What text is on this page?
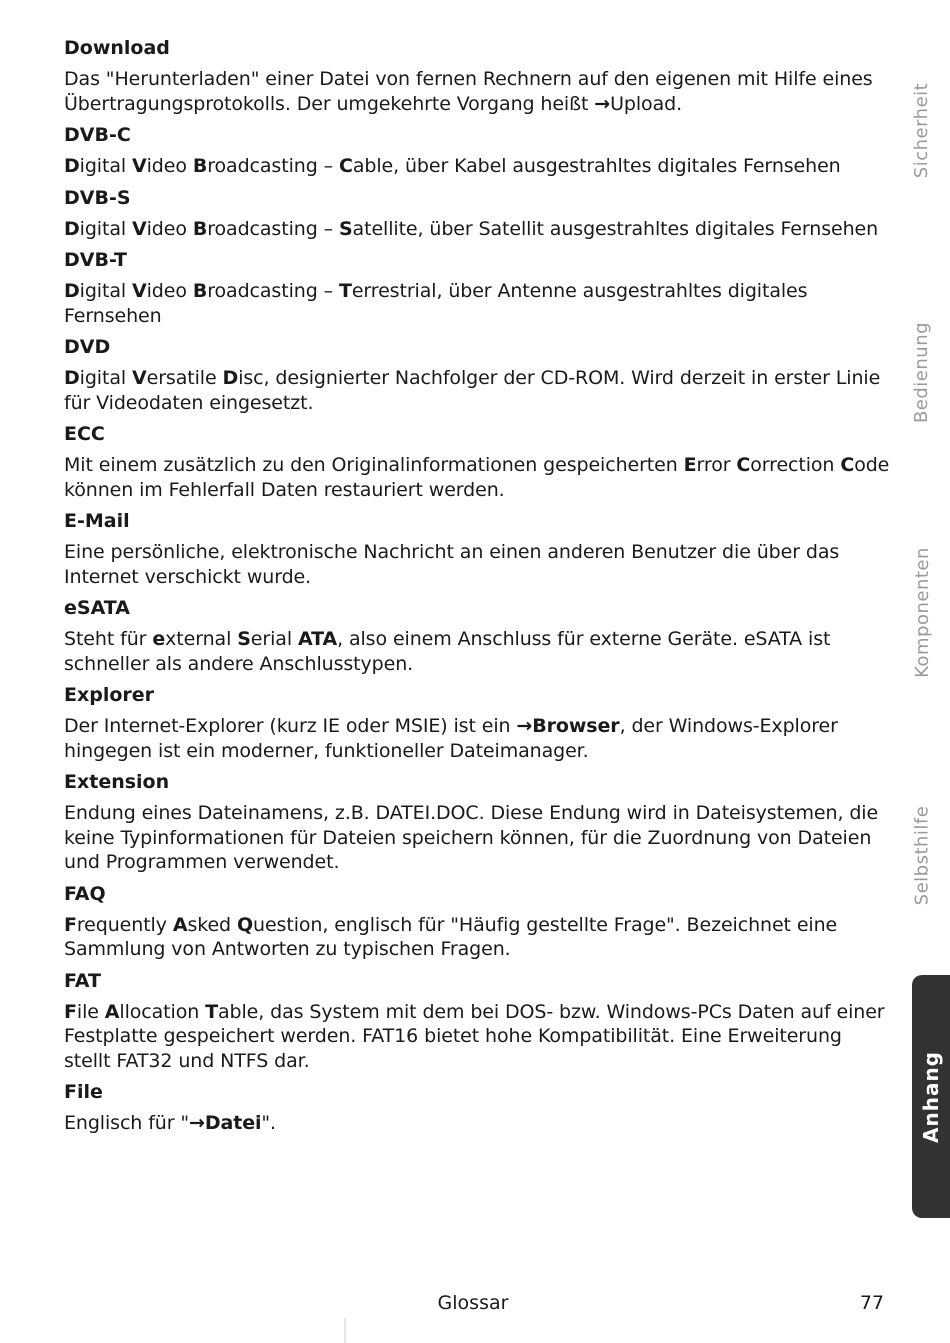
Download
Das "Herunterladen" einer Datei von fernen Rechnern auf den eigenen mit Hilfe eines Übertragungsprotokolls. Der umgekehrte Vorgang heißt →Upload.
DVB-C
Digital Video Broadcasting – Cable, über Kabel ausgestrahltes digitales Fernsehen
DVB-S
Digital Video Broadcasting – Satellite, über Satellit ausgestrahltes digitales Fernsehen
DVB-T
Digital Video Broadcasting – Terrestrial, über Antenne ausgestrahltes digitales Fernsehen
DVD
Digital Versatile Disc, designierter Nachfolger der CD-ROM. Wird derzeit in erster Linie für Videodaten eingesetzt.
ECC
Mit einem zusätzlich zu den Originalinformationen gespeicherten Error Correction Code können im Fehlerfall Daten restauriert werden.
E-Mail
Eine persönliche, elektronische Nachricht an einen anderen Benutzer die über das Internet verschickt wurde.
eSATA
Steht für external Serial ATA, also einem Anschluss für externe Geräte. eSATA ist schneller als andere Anschlusstypen.
Explorer
Der Internet-Explorer (kurz IE oder MSIE) ist ein →Browser, der Windows-Explorer hingegen ist ein moderner, funktioneller Dateimanager.
Extension
Endung eines Dateinamens, z.B. DATEI.DOC. Diese Endung wird in Dateisystemen, die keine Typinformationen für Dateien speichern können, für die Zuordnung von Dateien und Programmen verwendet.
FAQ
Frequently Asked Question, englisch für "Häufig gestellte Frage". Bezeichnet eine Sammlung von Antworten zu typischen Fragen.
FAT
File Allocation Table, das System mit dem bei DOS- bzw. Windows-PCs Daten auf einer Festplatte gespeichert werden. FAT16 bietet hohe Kompatibilität. Eine Erweiterung stellt FAT32 und NTFS dar.
File
Englisch für "→Datei".
Sicherheit
Bedienung
Komponenten
Selbsthilfe
Anhang
Glossar	77
